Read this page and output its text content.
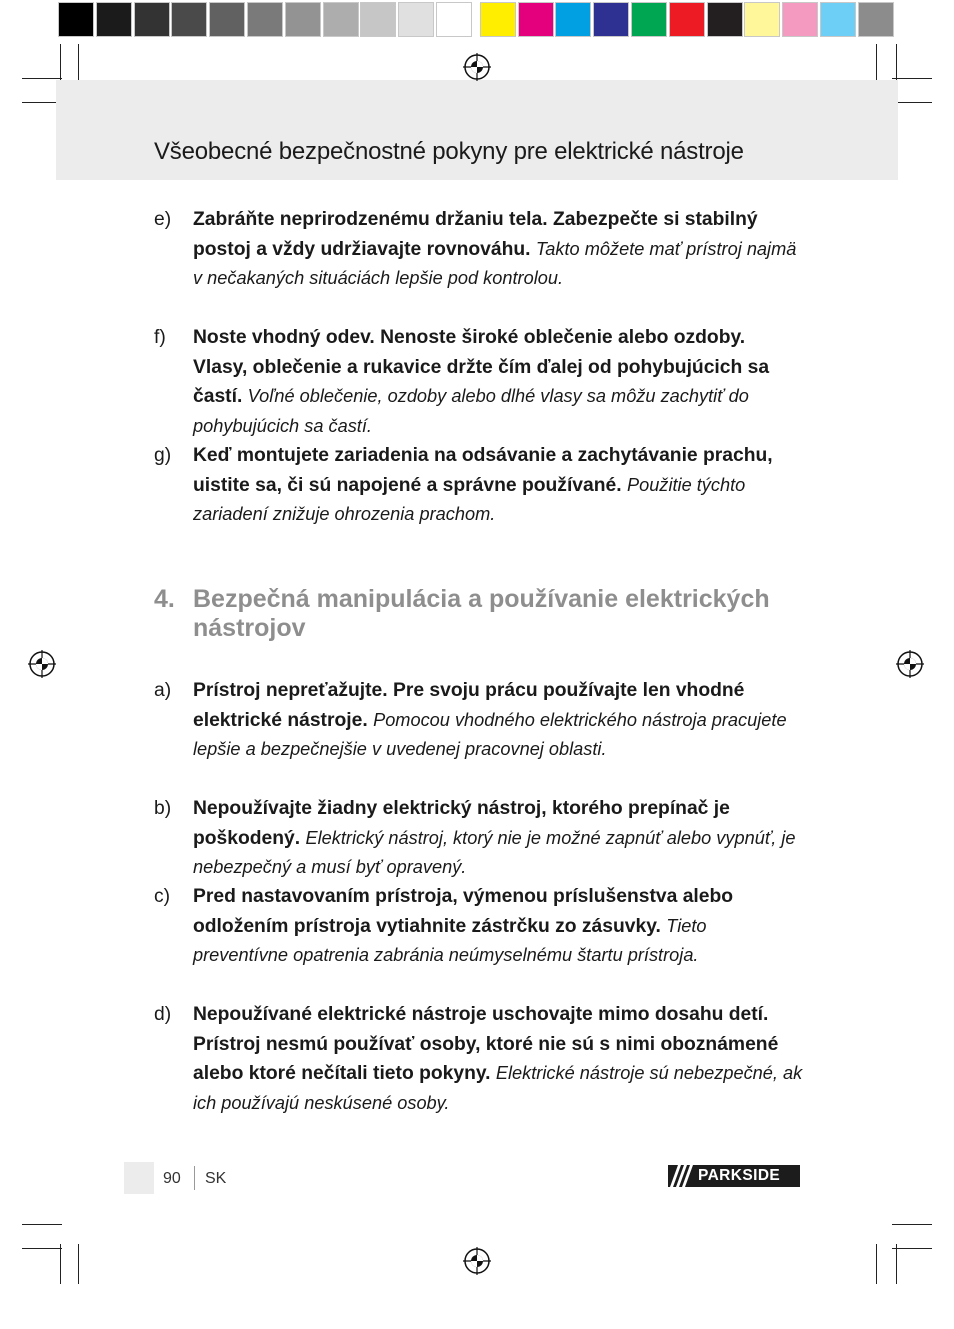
Všeobecné bezpečnostné pokyny pre elektrické nástroje
e)	Zabráňte neprirodzenému držaniu tela. Zabezpečte si stabilný postoj a vždy udržiavajte rovnováhu. Takto môžete mať prístroj najmä v nečakaných situáciách lepšie pod kontrolou.
f)	Noste vhodný odev. Nenoste široké oblečenie alebo ozdoby. Vlasy, oblečenie a rukavice držte čím ďalej od pohybujúcich sa častí. Voľné oblečenie, ozdoby alebo dlhé vlasy sa môžu zachytiť do pohybujúcich sa častí.
g)	Keď montujete zariadenia na odsávanie a zachytávanie prachu, uistite sa, či sú napojené a správne používané. Použitie týchto zariadení znižuje ohrozenia prachom.
4. Bezpečná manipulácia a používanie elektrických nástrojov
a)	Prístroj nepreťažujte. Pre svoju prácu používajte len vhodné elektrické nástroje. Pomocou vhodného elektrického nástroja pracujete lepšie a bezpečnejšie v uvedenej pracovnej oblasti.
b)	Nepoužívajte žiadny elektrický nástroj, ktorého prepínač je poškodený. Elektrický nástroj, ktorý nie je možné zapnúť alebo vypnúť, je nebezpečný a musí byť opravený.
c)	Pred nastavovaním prístroja, výmenou príslušenstva alebo odložením prístroja vytiahnite zástrčku zo zásuvky. Tieto preventívne opatrenia zabránia neúmyselnému štartu prístroja.
d)	Nepoužívané elektrické nástroje uschovajte mimo dosahu detí. Prístroj nesmú používať osoby, ktoré nie sú s nimi oboznámené alebo ktoré nečítali tieto pokyny. Elektrické nástroje sú nebezpečné, ak ich používajú neskúsené osoby.
90 SK	PARKSIDE
